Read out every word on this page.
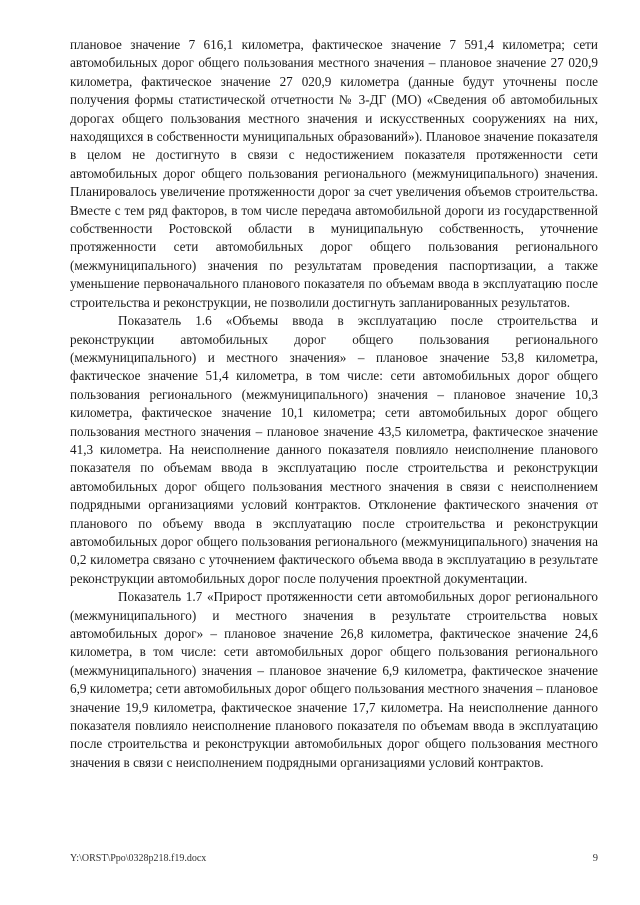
плановое значение 7 616,1 километра, фактическое значение 7 591,4 километра; сети автомобильных дорог общего пользования местного значения – плановое значение 27 020,9 километра, фактическое значение 27 020,9 километра (данные будут уточнены после получения формы статистической отчетности № 3-ДГ (МО) «Сведения об автомобильных дорогах общего пользования местного значения и искусственных сооружениях на них, находящихся в собственности муниципальных образований»). Плановое значение показателя в целом не достигнуто в связи с недостижением показателя протяженности сети автомобильных дорог общего пользования регионального (межмуниципального) значения. Планировалось увеличение протяженности дорог за счет увеличения объемов строительства. Вместе с тем ряд факторов, в том числе передача автомобильной дороги из государственной собственности Ростовской области в муниципальную собственность, уточнение протяженности сети автомобильных дорог общего пользования регионального (межмуниципального) значения по результатам проведения паспортизации, а также уменьшение первоначального планового показателя по объемам ввода в эксплуатацию после строительства и реконструкции, не позволили достигнуть запланированных результатов.

Показатель 1.6 «Объемы ввода в эксплуатацию после строительства и реконструкции автомобильных дорог общего пользования регионального (межмуниципального) и местного значения» – плановое значение 53,8 километра, фактическое значение 51,4 километра, в том числе: сети автомобильных дорог общего пользования регионального (межмуниципального) значения – плановое значение 10,3 километра, фактическое значение 10,1 километра; сети автомобильных дорог общего пользования местного значения – плановое значение 43,5 километра, фактическое значение 41,3 километра. На неисполнение данного показателя повлияло неисполнение планового показателя по объемам ввода в эксплуатацию после строительства и реконструкции автомобильных дорог общего пользования местного значения в связи с неисполнением подрядными организациями условий контрактов. Отклонение фактического значения от планового по объему ввода в эксплуатацию после строительства и реконструкции автомобильных дорог общего пользования регионального (межмуниципального) значения на 0,2 километра связано с уточнением фактического объема ввода в эксплуатацию в результате реконструкции автомобильных дорог после получения проектной документации.

Показатель 1.7 «Прирост протяженности сети автомобильных дорог регионального (межмуниципального) и местного значения в результате строительства новых автомобильных дорог» – плановое значение 26,8 километра, фактическое значение 24,6 километра, в том числе: сети автомобильных дорог общего пользования регионального (межмуниципального) значения – плановое значение 6,9 километра, фактическое значение 6,9 километра; сети автомобильных дорог общего пользования местного значения – плановое значение 19,9 километра, фактическое значение 17,7 километра. На неисполнение данного показателя повлияло неисполнение планового показателя по объемам ввода в эксплуатацию после строительства и реконструкции автомобильных дорог общего пользования местного значения в связи с неисполнением подрядными организациями условий контрактов.

Y:\ORST\Ppo\0328p218.f19.docx	9
